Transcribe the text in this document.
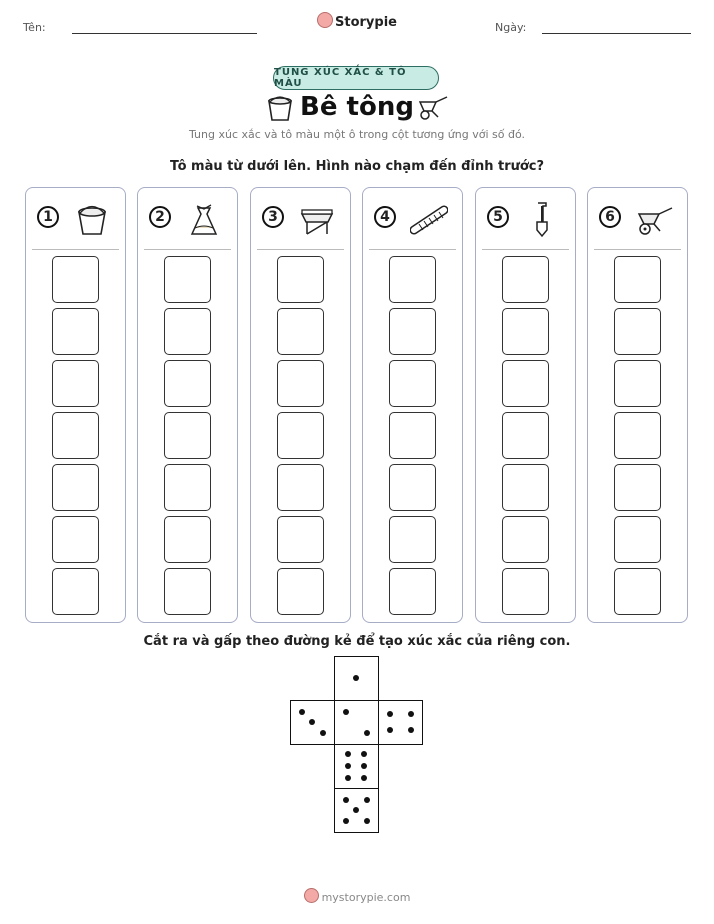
Tên:	Storypie	Ngày:
TUNG XÚC XẮC & TÔ MÀU
Bê tông
Tung xúc xắc và tô màu một ô trong cột tương ứng với số đó.
Tô màu từ dưới lên. Hình nào chạm đến đỉnh trước?
1	2	3	4	5	6
Cắt ra và gấp theo đường kẻ để tạo xúc xắc của riêng con.
mystorypie.com
